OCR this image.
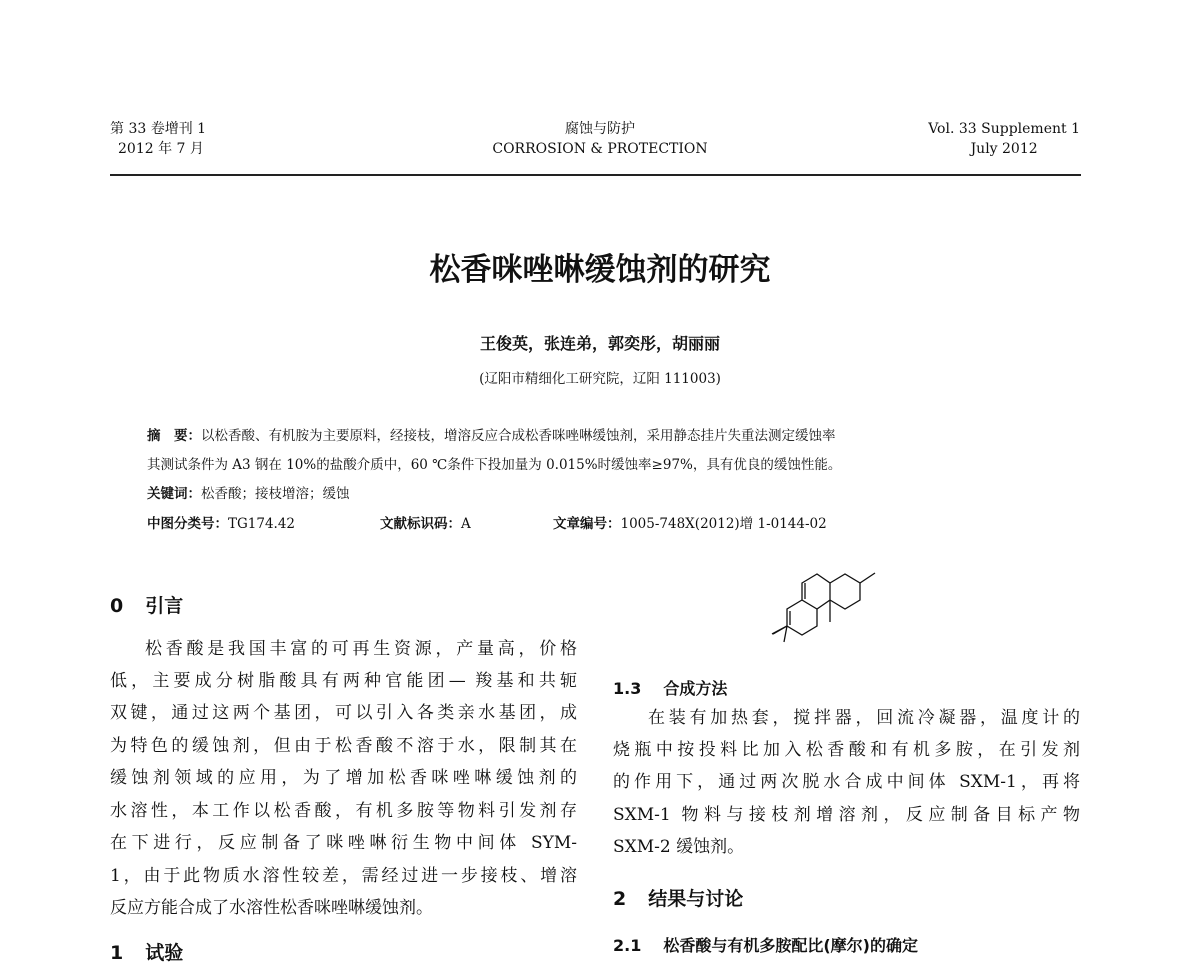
第 33 卷增刊 1
2012 年 7 月
腐蚀与防护
CORROSION & PROTECTION
Vol. 33 Supplement 1
July 2012
松香咪唑啉缓蚀剂的研究
王俊英，张连弟，郭奕彤，胡丽丽
(辽阳市精细化工研究院，辽阳 111003)
摘　要：以松香酸、有机胺为主要原料，经接枝，增溶反应合成松香咪唑啉缓蚀剂，采用静态挂片失重法测定缓蚀率
其测试条件为 A3 钢在 10%的盐酸介质中，60 ℃条件下投加量为 0.015%时缓蚀率≥97%，具有优良的缓蚀性能。
关键词：松香酸；接枝增溶；缓蚀
中图分类号：TG174.42	文献标识码：A	文章编号：1005-748X(2012)增 1-0144-02
0 引言
松香酸是我国丰富的可再生资源，产量高，价格
低，主要成分树脂酸具有两种官能团— 羧基和共轭
双键，通过这两个基团，可以引入各类亲水基团，成
为特色的缓蚀剂，但由于松香酸不溶于水，限制其在
缓蚀剂领域的应用，为了增加松香咪唑啉缓蚀剂的
水溶性，本工作以松香酸，有机多胺等物料引发剂存
在下进行，反应制备了咪唑啉衍生物中间体 SYM-
1，由于此物质水溶性较差，需经过进一步接枝、增溶
反应方能合成了水溶性松香咪唑啉缓蚀剂。
1 试验
1.3 合成方法
在装有加热套，搅拌器，回流冷凝器，温度计的
烧瓶中按投料比加入松香酸和有机多胺，在引发剂
的作用下，通过两次脱水合成中间体 SXM-1，再将
SXM-1 物料与接枝剂增溶剂，反应制备目标产物
SXM-2 缓蚀剂。
2 结果与讨论
2.1 松香酸与有机多胺配比(摩尔)的确定
